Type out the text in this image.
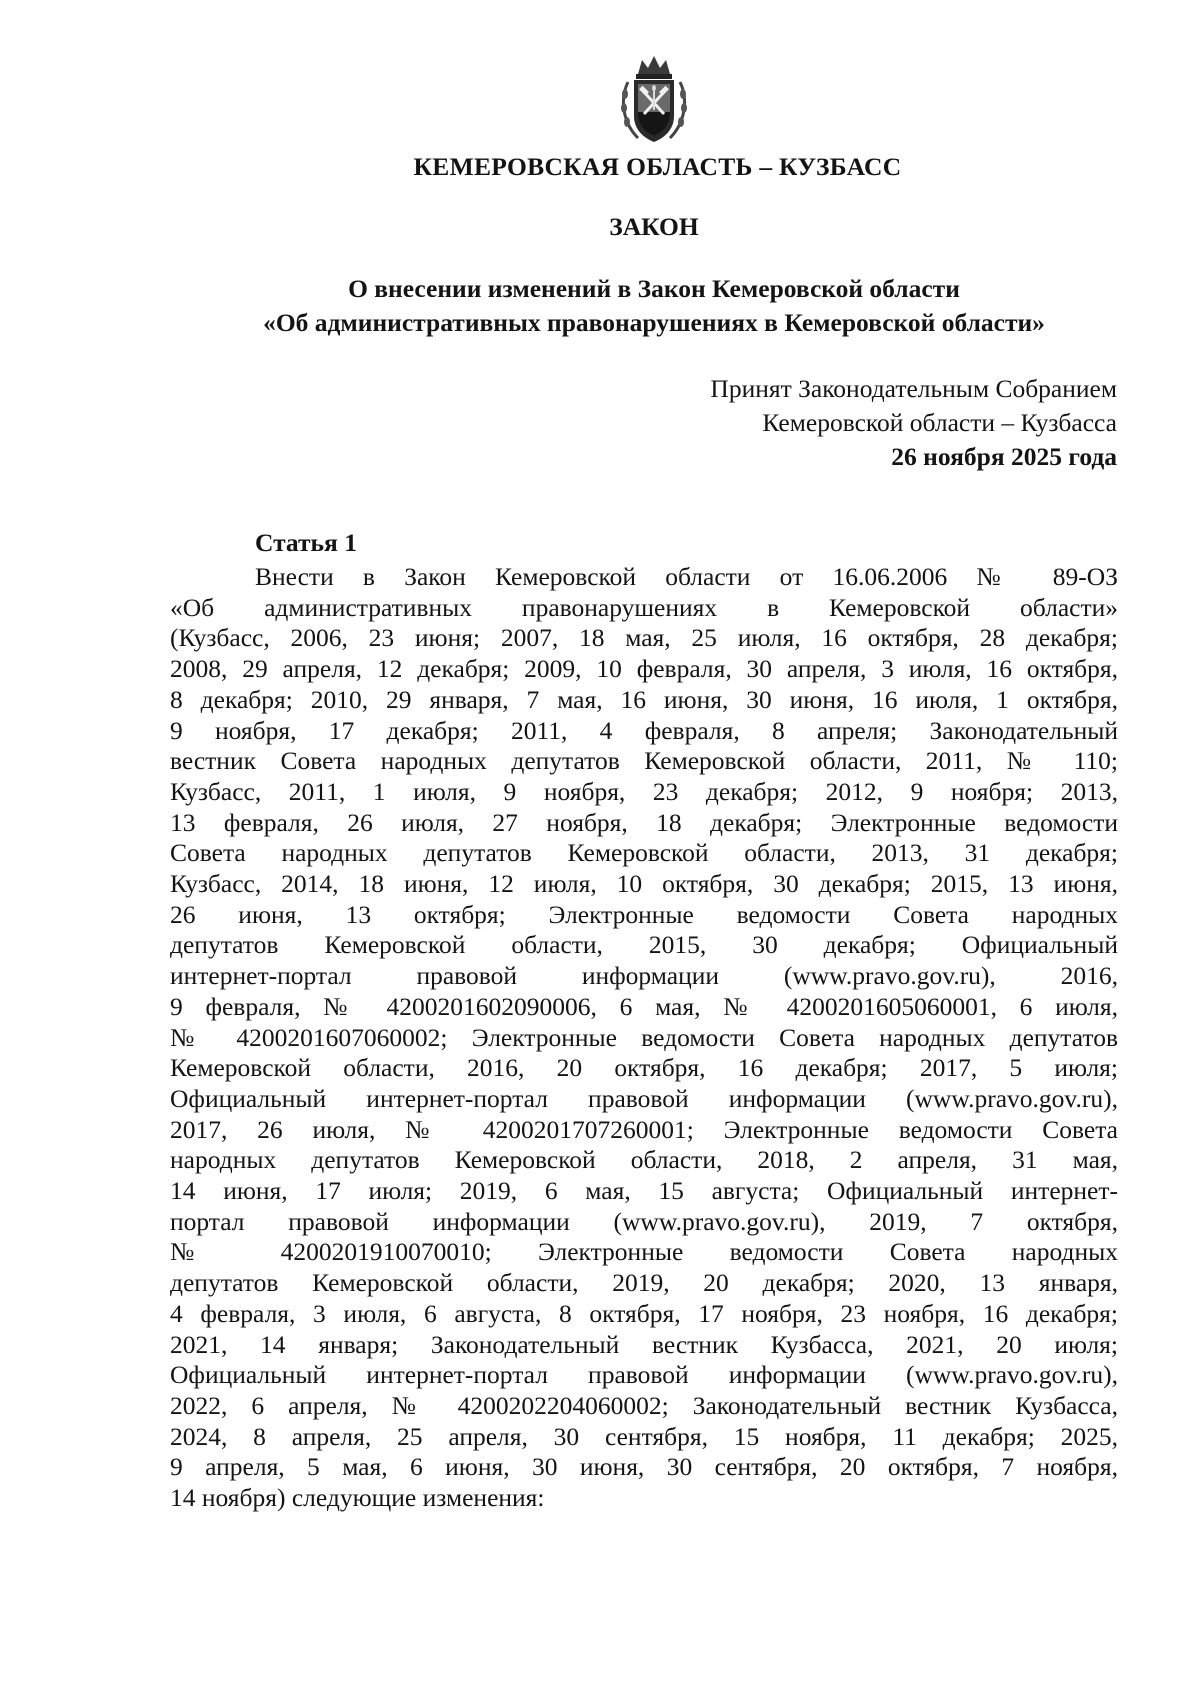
КЕМЕРОВСКАЯ ОБЛАСТЬ – КУЗБАСС
ЗАКОН
О внесении изменений в Закон Кемеровской области
«Об административных правонарушениях в Кемеровской области»
Принят Законодательным Собранием
Кемеровской области – Кузбасса
26 ноября 2025 года
Статья 1
Внести в Закон Кемеровской области от 16.06.2006 № 89-ОЗ
«Об административных правонарушениях в Кемеровской области»
(Кузбасс, 2006, 23 июня; 2007, 18 мая, 25 июля, 16 октября, 28 декабря;
2008, 29 апреля, 12 декабря; 2009, 10 февраля, 30 апреля, 3 июля, 16 октября,
8 декабря; 2010, 29 января, 7 мая, 16 июня, 30 июня, 16 июля, 1 октября,
9 ноября, 17 декабря; 2011, 4 февраля, 8 апреля; Законодательный
вестник Совета народных депутатов Кемеровской области, 2011, № 110;
Кузбасс, 2011, 1 июля, 9 ноября, 23 декабря; 2012, 9 ноября; 2013,
13 февраля, 26 июля, 27 ноября, 18 декабря; Электронные ведомости
Совета народных депутатов Кемеровской области, 2013, 31 декабря;
Кузбасс, 2014, 18 июня, 12 июля, 10 октября, 30 декабря; 2015, 13 июня,
26 июня, 13 октября; Электронные ведомости Совета народных
депутатов Кемеровской области, 2015, 30 декабря; Официальный
интернет-портал правовой информации (www.pravo.gov.ru), 2016,
9 февраля, № 4200201602090006, 6 мая, № 4200201605060001, 6 июля,
№ 4200201607060002; Электронные ведомости Совета народных депутатов
Кемеровской области, 2016, 20 октября, 16 декабря; 2017, 5 июля;
Официальный интернет-портал правовой информации (www.pravo.gov.ru),
2017, 26 июля, № 4200201707260001; Электронные ведомости Совета
народных депутатов Кемеровской области, 2018, 2 апреля, 31 мая,
14 июня, 17 июля; 2019, 6 мая, 15 августа; Официальный интернет-
портал правовой информации (www.pravo.gov.ru), 2019, 7 октября,
№ 4200201910070010; Электронные ведомости Совета народных
депутатов Кемеровской области, 2019, 20 декабря; 2020, 13 января,
4 февраля, 3 июля, 6 августа, 8 октября, 17 ноября, 23 ноября, 16 декабря;
2021, 14 января; Законодательный вестник Кузбасса, 2021, 20 июля;
Официальный интернет-портал правовой информации (www.pravo.gov.ru),
2022, 6 апреля, № 4200202204060002; Законодательный вестник Кузбасса,
2024, 8 апреля, 25 апреля, 30 сентября, 15 ноября, 11 декабря; 2025,
9 апреля, 5 мая, 6 июня, 30 июня, 30 сентября, 20 октября, 7 ноября,
14 ноября) следующие изменения:
